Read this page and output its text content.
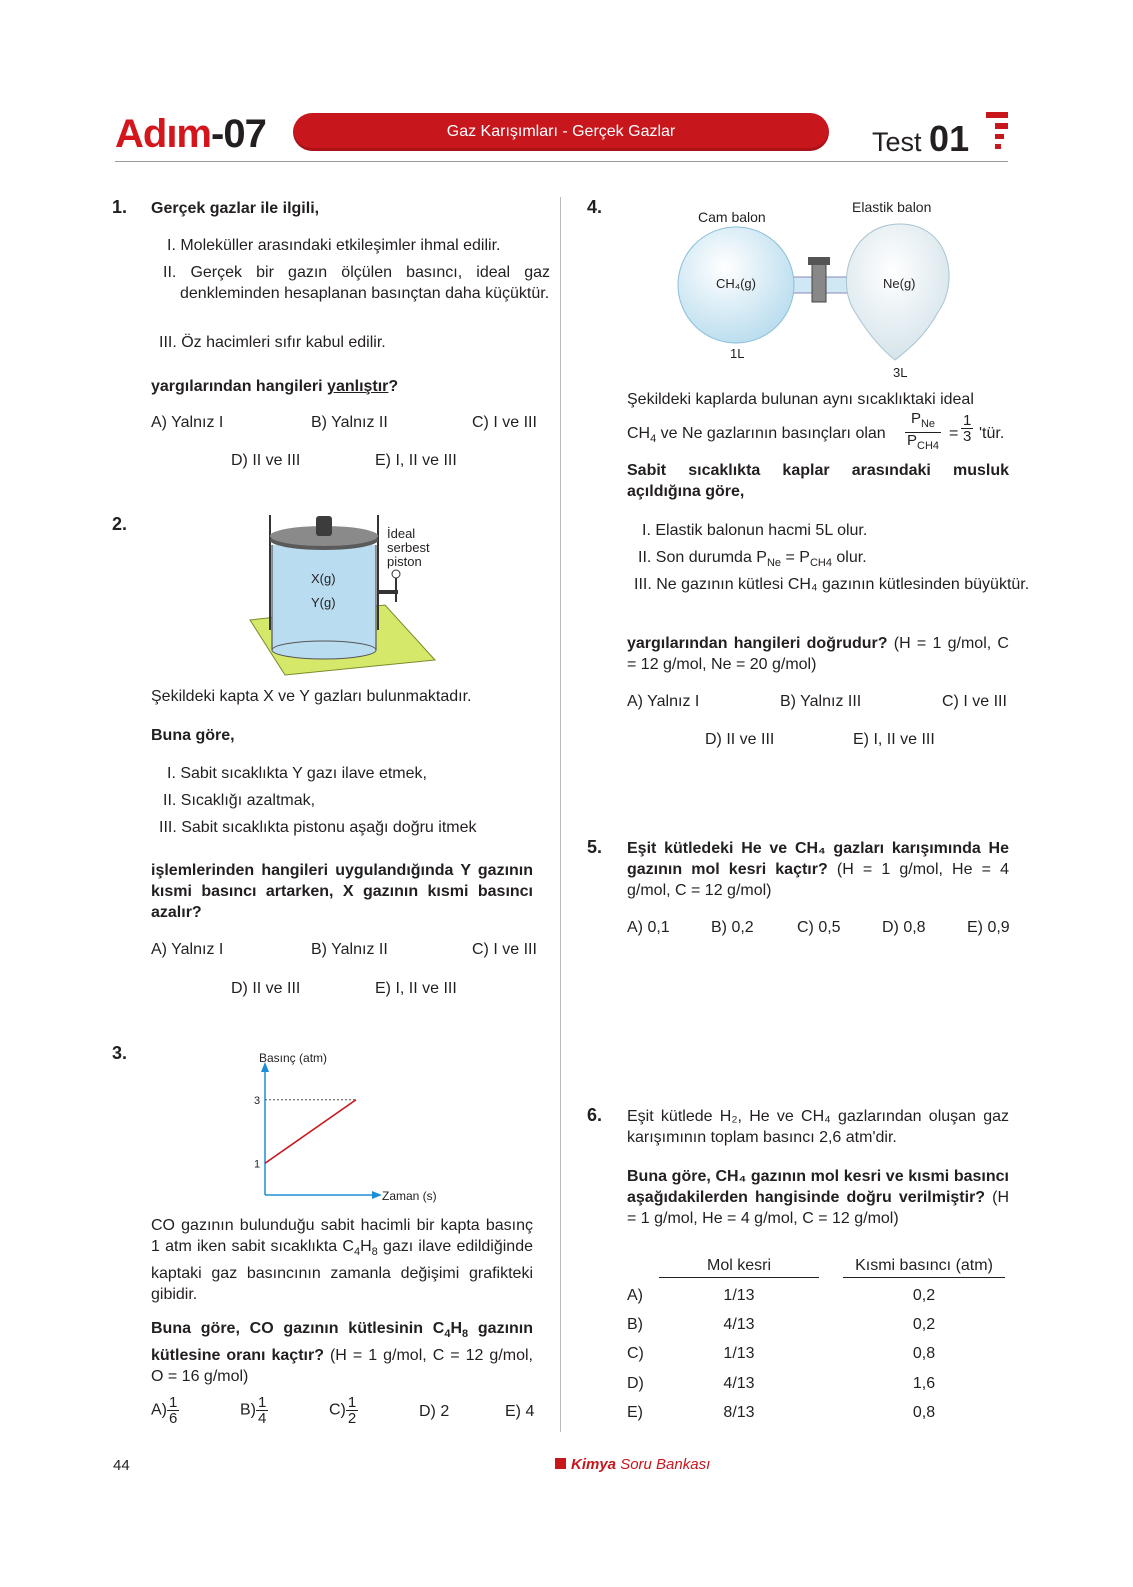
Adım-07	Gaz Karışımları - Gerçek Gazlar	Test 01
1. Gerçek gazlar ile ilgili,
I. Moleküller arasındaki etkileşimler ihmal edilir.
II. Gerçek bir gazın ölçülen basıncı, ideal gaz denkleminden hesaplanan basınçtan daha küçüktür.
III. Öz hacimleri sıfır kabul edilir.
yargılarından hangileri yanlıştır?
A) Yalnız I	B) Yalnız II	C) I ve III
D) II ve III	E) I, II ve III
2.
X(g)
Y(g)
İdeal
serbest
piston
Şekildeki kapta X ve Y gazları bulunmaktadır.
Buna göre,
I. Sabit sıcaklıkta Y gazı ilave etmek,
II. Sıcaklığı azaltmak,
III. Sabit sıcaklıkta pistonu aşağı doğru itmek
işlemlerinden hangileri uygulandığında Y gazının kısmi basıncı artarken, X gazının kısmi basıncı azalır?
A) Yalnız I	B) Yalnız II	C) I ve III
D) II ve III	E) I, II ve III
3.	Basınç (atm)
Zaman (s)
1
3
CO gazının bulunduğu sabit hacimli bir kapta basınç 1 atm iken sabit sıcaklıkta $C_4H_8$ gazı ilave edildiğinde kaptaki gaz basıncının zamanla değişimi grafikteki gibidir.
Buna göre, CO gazının kütlesinin $C_4H_8$ gazının kütlesine oranı kaçtır? (H = 1 g/mol, C = 12 g/mol, O = 16 g/mol)
$A) \frac{1}{6}$	$B) \frac{1}{4}$	$C) \frac{1}{2}$	D) 2	E) 4
4.	Cam balon
Elastik balon
CH₄(g)	Ne(g)
1L
3L
Şekildeki kaplarda bulunan aynı sıcaklıktaki ideal
$CH_4$ ve Ne gazlarının basınçları olan
$P_{Ne}$
$P_{CH4}$
= $\frac{1}{3}$ 'tür.
Sabit sıcaklıkta kaplar arasındaki musluk açıldığına göre,
I. Elastik balonun hacmi 5L olur.
II. Son durumda $P_{Ne} = P_{CH4}$ olur.
III. Ne gazının kütlesi CH₄ gazının kütlesinden büyüktür.
yargılarından hangileri doğrudur? (H = 1 g/mol, C = 12 g/mol, Ne = 20 g/mol)
A) Yalnız I	B) Yalnız III	C) I ve III
D) II ve III	E) I, II ve III
5. Eşit kütledeki He ve CH₄ gazları karışımında He gazının mol kesri kaçtır? (H = 1 g/mol, He = 4 g/mol, C = 12 g/mol)
A) 0,1	B) 0,2	C) 0,5	D) 0,8	E) 0,9
6. Eşit kütlede H₂, He ve CH₄ gazlarından oluşan gaz karışımının toplam basıncı 2,6 atm'dir.
Buna göre, CH₄ gazının mol kesri ve kısmi basıncı aşağıdakilerden hangisinde doğru verilmiştir? (H = 1 g/mol, He = 4 g/mol, C = 12 g/mol)
Mol kesri	Kısmi basıncı (atm)
A)	1/13	0,2
B)	4/13	0,2
C)	1/13	0,8
D)	4/13	1,6
E)	8/13	0,8
44	Kimya Soru Bankası
